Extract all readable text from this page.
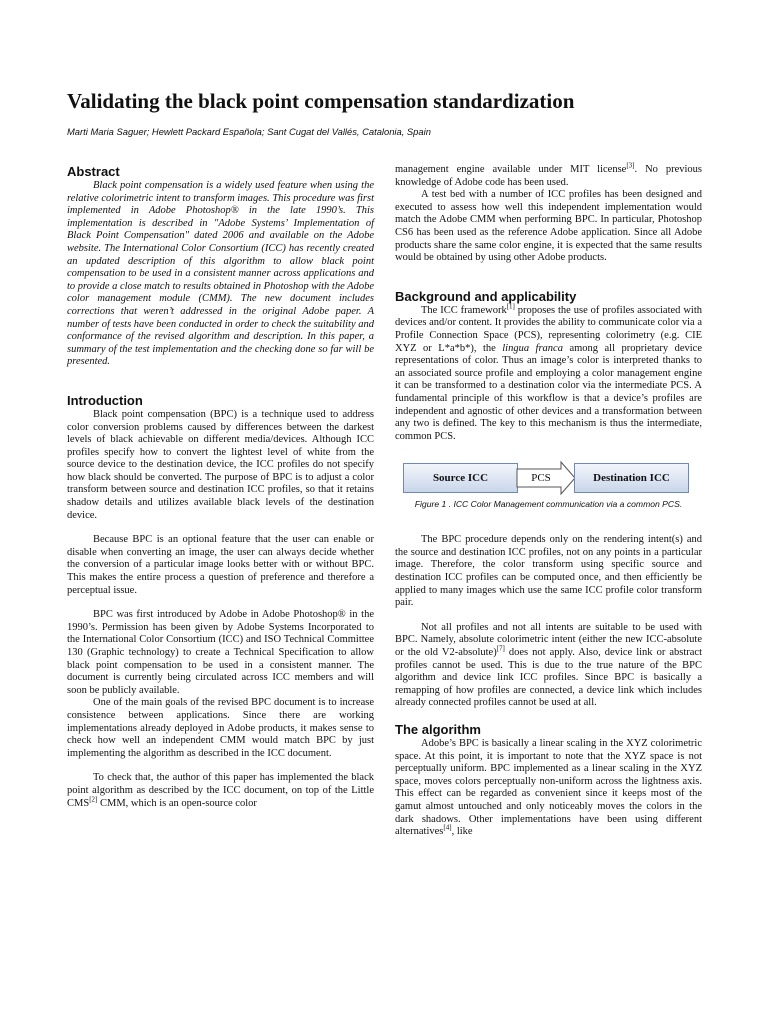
Validating the black point compensation standardization
Marti Maria Saguer; Hewlett Packard Española; Sant Cugat del Vallés, Catalonia, Spain
Abstract

Black point compensation is a widely used feature when using the relative colorimetric intent to transform images. This procedure was first implemented in Adobe Photoshop® in the late 1990’s. This implementation is described in "Adobe Systems’ Implementation of Black Point Compensation" dated 2006 and available on the Adobe website. The International Color Consortium (ICC) has recently created an updated description of this algorithm to allow black point compensation to be used in a consistent manner across applications and to provide a close match to results obtained in Photoshop with the Adobe color management module (CMM). The new document includes corrections that weren’t addressed in the original Adobe paper. A number of tests have been conducted in order to check the suitability and conformance of the revised algorithm and description. In this paper, a summary of the test implementation and the checking done so far will be presented.

Introduction

Black point compensation (BPC) is a technique used to address color conversion problems caused by differences between the darkest levels of black achievable on different media/devices. Although ICC profiles specify how to convert the lightest level of white from the source device to the destination device, the ICC profiles do not specify how black should be converted. The purpose of BPC is to adjust a color transform between source and destination ICC profiles, so that it retains shadow details and utilizes available black levels of the destination device.

Because BPC is an optional feature that the user can enable or disable when converting an image, the user can always decide whether the conversion of a particular image looks better with or without BPC. This makes the entire process a question of preference and therefore a perceptual issue.

BPC was first introduced by Adobe in Adobe Photoshop® in the 1990’s. Permission has been given by Adobe Systems Incorporated to the International Color Consortium (ICC) and ISO Technical Committee 130 (Graphic technology) to create a Technical Specification to allow black point compensation to be used in a consistent manner. The document is currently being circulated across ICC members and will soon be publicly available.

One of the main goals of the revised BPC document is to increase consistence between applications. Since there are working implementations already deployed in Adobe products, it makes sense to check how well an independent CMM would match BPC by just implementing the algorithm as described in the ICC document.

To check that, the author of this paper has implemented the black point algorithm as described by the ICC document, on top of the Little CMS[2] CMM, which is an open-source color

management engine available under MIT license[3]. No previous knowledge of Adobe code has been used.

A test bed with a number of ICC profiles has been designed and executed to assess how well this independent implementation would match the Adobe CMM when performing BPC. In particular, Photoshop CS6 has been used as the reference Adobe application. Since all Adobe products share the same color engine, it is expected that the same results would be obtained by using other Adobe products.

Background and applicability

The ICC framework[1] proposes the use of profiles associated with devices and/or content. It provides the ability to communicate color via a Profile Connection Space (PCS), representing colorimetry (e.g. CIE XYZ or L*a*b*), the lingua franca among all proprietary device representations of color. Thus an image’s color is interpreted thanks to an associated source profile and employing a color management engine it can be transformed to a destination color via the intermediate PCS. A fundamental principle of this workflow is that a device’s profiles are independent and agnostic of other devices and a transformation between any two is defined. The key to this mechanism is thus the intermediate, common PCS.

Source ICC	PCS	Destination ICC
Figure 1 . ICC Color Management communication via a common PCS.

The BPC procedure depends only on the rendering intent(s) and the source and destination ICC profiles, not on any points in a particular image. Therefore, the color transform using specific source and destination ICC profiles can be computed once, and then efficiently be applied to many images which use the same ICC profile color transform pair.

Not all profiles and not all intents are suitable to be used with BPC. Namely, absolute colorimetric intent (either the new ICC-absolute or the old V2-absolute)[7] does not apply. Also, device link or abstract profiles cannot be used. This is due to the true nature of the BPC algorithm and device link ICC profiles. Since BPC is basically a remapping of how profiles are connected, a device link which includes already connected profiles cannot be used at all.

The algorithm

Adobe’s BPC is basically a linear scaling in the XYZ colorimetric space. At this point, it is important to note that the XYZ space is not perceptually uniform. BPC implemented as a linear scaling in the XYZ space, moves colors perceptually non-uniform across the lightness axis. This effect can be regarded as convenient since it keeps most of the gamut almost untouched and only noticeably moves the colors in the dark shadows. Other implementations have been using different alternatives[4], like
